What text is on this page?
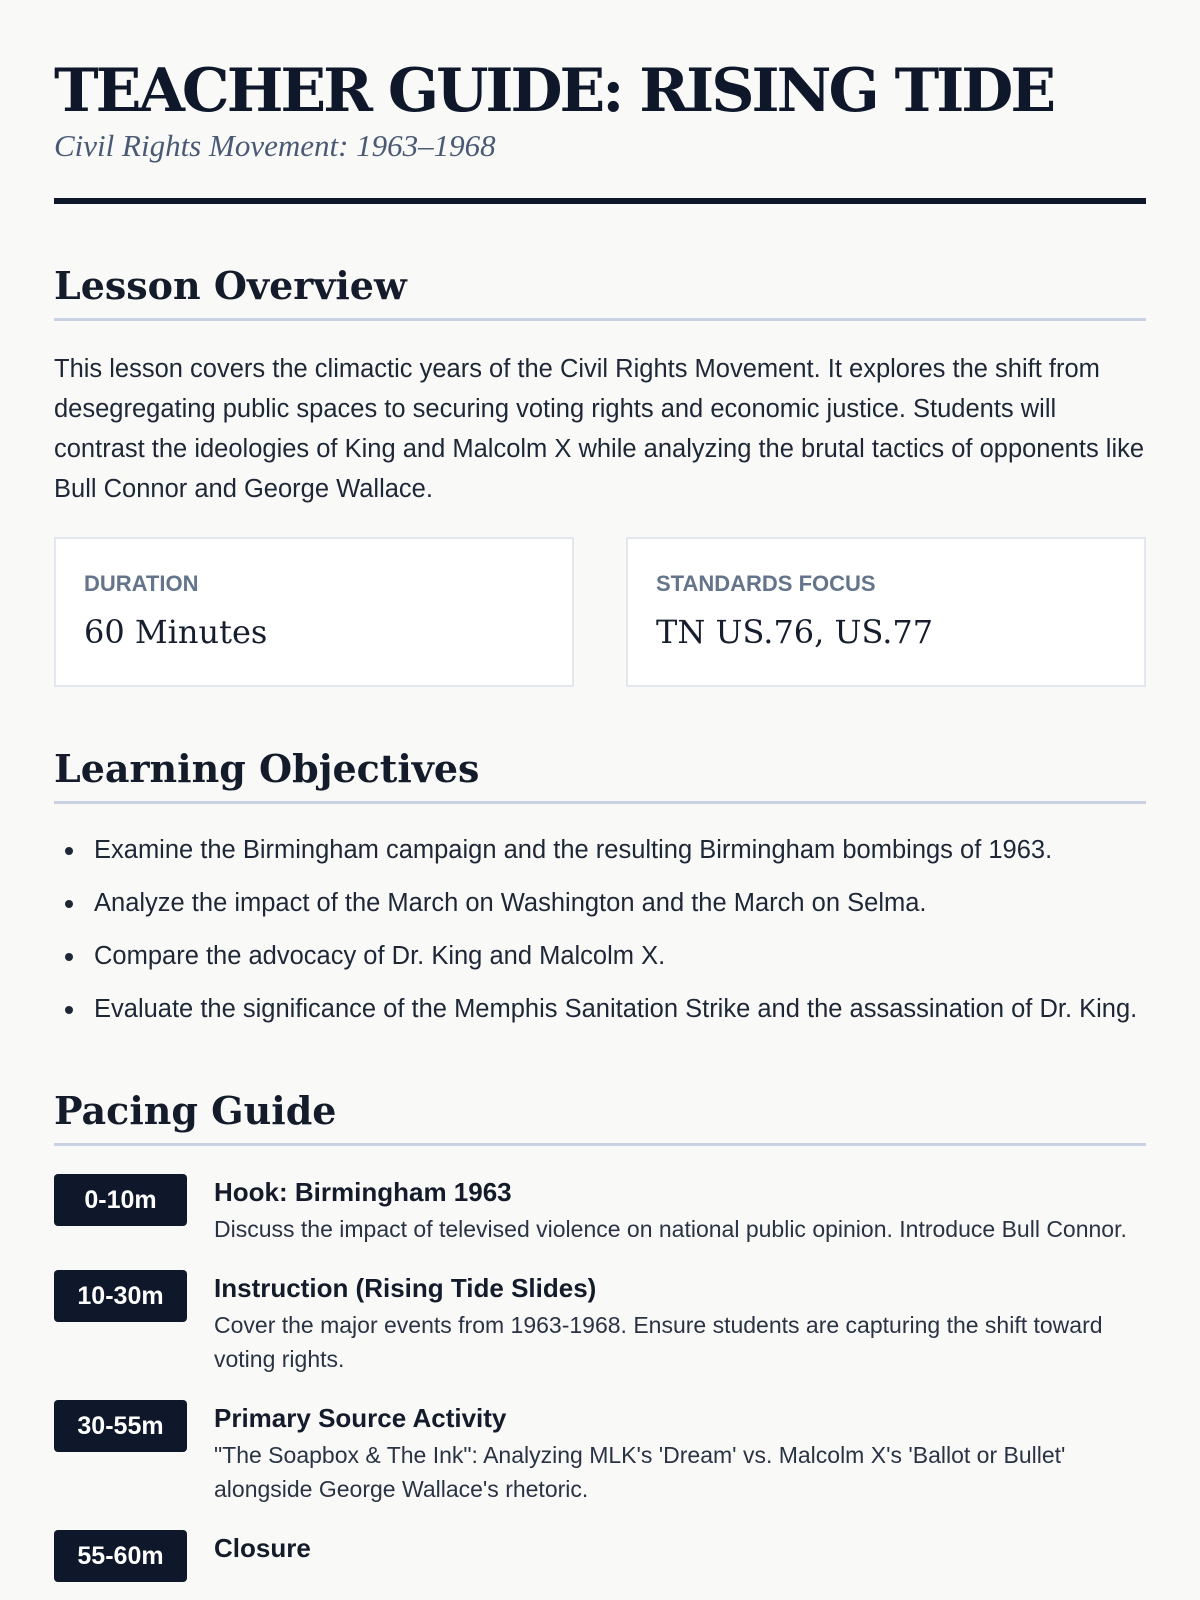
TEACHER GUIDE: RISING TIDE

Civil Rights Movement: 1963–1968

Lesson Overview

This lesson covers the climactic years of the Civil Rights Movement. It explores the shift from desegregating public spaces to securing voting rights and economic justice. Students will contrast the ideologies of King and Malcolm X while analyzing the brutal tactics of opponents like Bull Connor and George Wallace.

DURATION
60 Minutes
STANDARDS FOCUS
TN US.76, US.77
Learning Objectives
Examine the Birmingham campaign and the resulting Birmingham bombings of 1963.
Analyze the impact of the March on Washington and the March on Selma.
Compare the advocacy of Dr. King and Malcolm X.
Evaluate the significance of the Memphis Sanitation Strike and the assassination of Dr. King.
Pacing Guide
0-10m	Hook: Birmingham 1963
Discuss the impact of televised violence on national public opinion. Introduce Bull Connor.
10-30m	Instruction (Rising Tide Slides)
Cover the major events from 1963-1968. Ensure students are capturing the shift toward voting rights.
30-55m	Primary Source Activity
"The Soapbox & The Ink": Analyzing MLK's 'Dream' vs. Malcolm X's 'Ballot or Bullet' alongside George Wallace's rhetoric.
55-60m	Closure
